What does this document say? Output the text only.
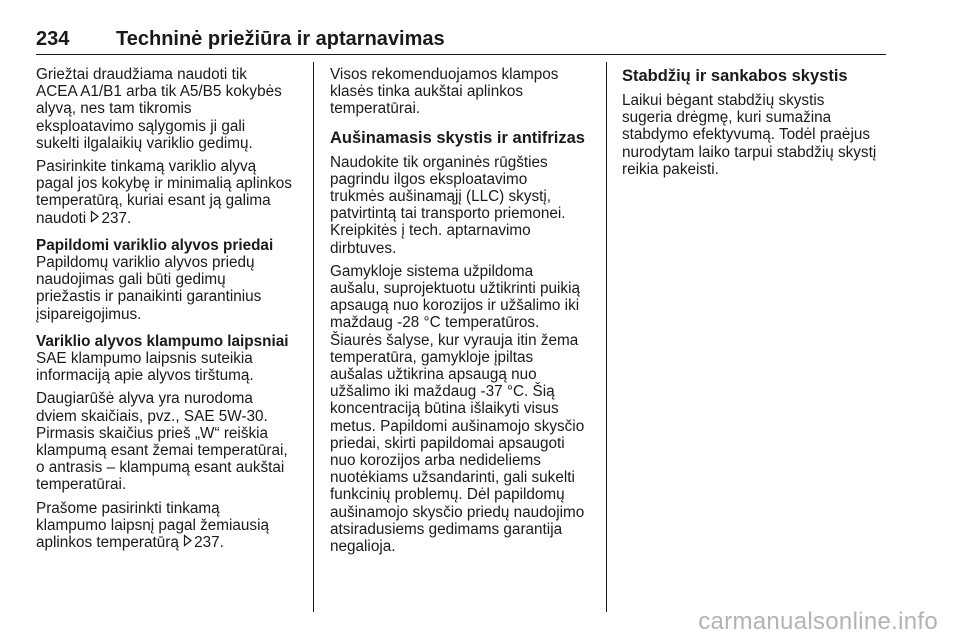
234 Techninė priežiūra ir aptarnavimas

Griežtai draudžiama naudoti tik
ACEA A1/B1 arba tik A5/B5 kokybės
alyvą, nes tam tikromis
eksploatavimo sąlygomis ji gali
sukelti ilgalaikių variklio gedimų.

Pasirinkite tinkamą variklio alyvą
pagal jos kokybę ir minimalią aplinkos
temperatūrą, kuriai esant ją galima
naudoti 237.

Papildomi variklio alyvos priedai

Papildomų variklio alyvos priedų
naudojimas gali būti gedimų
priežastis ir panaikinti garantinius
įsipareigojimus.

Variklio alyvos klampumo laipsniai

SAE klampumo laipsnis suteikia
informaciją apie alyvos tirštumą.

Daugiarūšė alyva yra nurodoma
dviem skaičiais, pvz., SAE 5W-30.
Pirmasis skaičius prieš „W“ reiškia
klampumą esant žemai temperatūrai,
o antrasis – klampumą esant aukštai
temperatūrai.

Prašome pasirinkti tinkamą
klampumo laipsnį pagal žemiausią
aplinkos temperatūrą 237.

Visos rekomenduojamos klampos
klasės tinka aukštai aplinkos
temperatūrai.

Aušinamasis skystis ir antifrizas

Naudokite tik organinės rūgšties
pagrindu ilgos eksploatavimo
trukmės aušinamąjį (LLC) skystį,
patvirtintą tai transporto priemonei.
Kreipkitės į tech. aptarnavimo
dirbtuves.

Gamykloje sistema užpildoma
aušalu, suprojektuotu užtikrinti puikią
apsaugą nuo korozijos ir užšalimo iki
maždaug -28 °C temperatūros.
Šiaurės šalyse, kur vyrauja itin žema
temperatūra, gamykloje įpiltas
aušalas užtikrina apsaugą nuo
užšalimo iki maždaug -37 °C. Šią
koncentraciją būtina išlaikyti visus
metus. Papildomi aušinamojo skysčio
priedai, skirti papildomai apsaugoti
nuo korozijos arba nedideliems
nuotėkiams užsandarinti, gali sukelti
funkcinių problemų. Dėl papildomų
aušinamojo skysčio priedų naudojimo
atsiradusiems gedimams garantija
negalioja.

Stabdžių ir sankabos skystis

Laikui bėgant stabdžių skystis
sugeria drėgmę, kuri sumažina
stabdymo efektyvumą. Todėl praėjus
nurodytam laiko tarpui stabdžių skystį
reikia pakeisti.

carmanualsonline.info
